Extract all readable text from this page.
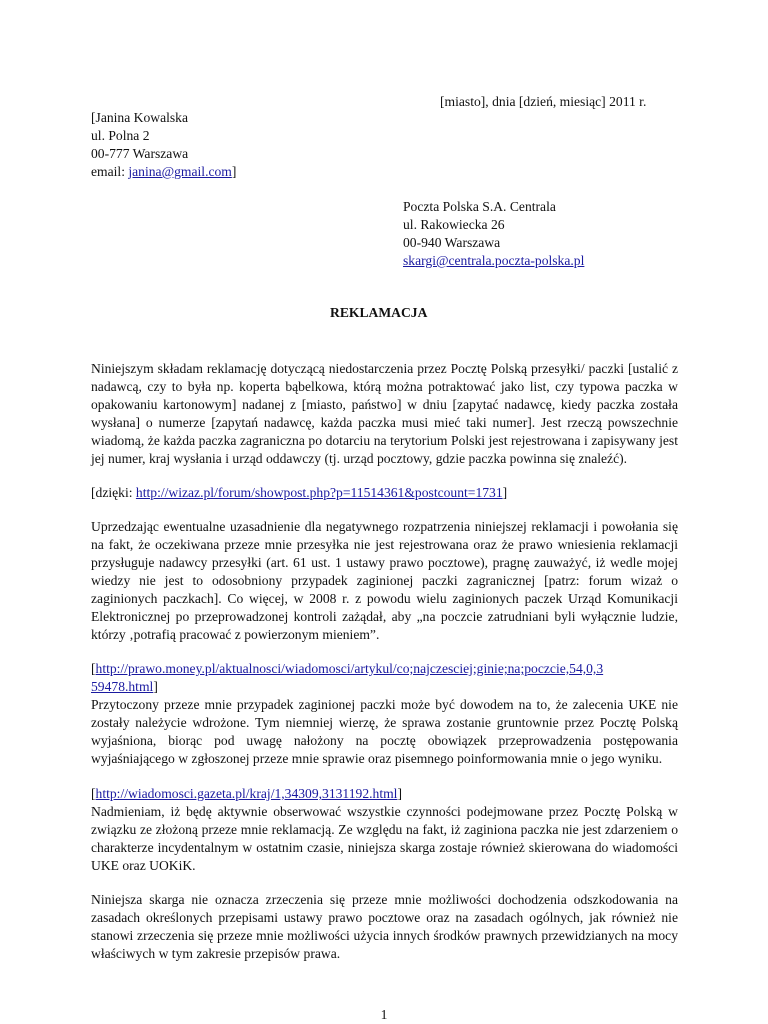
[miasto], dnia [dzień, miesiąc] 2011 r.
[Janina Kowalska
ul. Polna 2
00-777 Warszawa
email: janina@gmail.com]
Poczta Polska S.A. Centrala
ul. Rakowiecka 26
00-940 Warszawa
skargi@centrala.poczta-polska.pl
REKLAMACJA
Niniejszym składam reklamację dotyczącą niedostarczenia przez Pocztę Polską przesyłki/ paczki [ustalić z nadawcą, czy to była np. koperta bąbelkowa, którą można potraktować jako list, czy typowa paczka w opakowaniu kartonowym] nadanej z [miasto, państwo] w dniu [zapytać nadawcę, kiedy paczka została wysłana] o numerze [zapytań nadawcę, każda paczka musi mieć taki numer]. Jest rzeczą powszechnie wiadomą, że każda paczka zagraniczna po dotarciu na terytorium Polski jest rejestrowana i zapisywany jest jej numer, kraj wysłania i urząd oddawczy (tj. urząd pocztowy, gdzie paczka powinna się znaleźć).
[dzięki: http://wizaz.pl/forum/showpost.php?p=11514361&postcount=1731]
Uprzedzając ewentualne uzasadnienie dla negatywnego rozpatrzenia niniejszej reklamacji i powołania się na fakt, że oczekiwana przeze mnie przesyłka nie jest rejestrowana oraz że prawo wniesienia reklamacji przysługuje nadawcy przesyłki (art. 61 ust. 1 ustawy prawo pocztowe), pragnę zauważyć, iż wedle mojej wiedzy nie jest to odosobniony przypadek zaginionej paczki zagranicznej [patrz: forum wizaż o zaginionych paczkach]. Co więcej, w 2008 r. z powodu wielu zaginionych paczek Urząd Komunikacji Elektronicznej po przeprowadzonej kontroli zażądał, aby „na poczcie zatrudniani byli wyłącznie ludzie, którzy ‚potrafią pracować z powierzonym mieniem”.
[http://prawo.money.pl/aktualnosci/wiadomosci/artykul/co;najczesciej;ginie;na;poczcie,54,0,3
59478.html]
Przytoczony przeze mnie przypadek zaginionej paczki może być dowodem na to, że zalecenia UKE nie zostały należycie wdrożone. Tym niemniej wierzę, że sprawa zostanie gruntownie przez Pocztę Polską wyjaśniona, biorąc pod uwagę nałożony na pocztę obowiązek przeprowadzenia postępowania wyjaśniającego w zgłoszonej przeze mnie sprawie oraz pisemnego poinformowania mnie o jego wyniku.
[http://wiadomosci.gazeta.pl/kraj/1,34309,3131192.html]
Nadmieniam, iż będę aktywnie obserwować wszystkie czynności podejmowane przez Pocztę Polską w związku ze złożoną przeze mnie reklamacją. Ze względu na fakt, iż zaginiona paczka nie jest zdarzeniem o charakterze incydentalnym w ostatnim czasie, niniejsza skarga zostaje również skierowana do wiadomości UKE oraz UOKiK.
Niniejsza skarga nie oznacza zrzeczenia się przeze mnie możliwości dochodzenia odszkodowania na zasadach określonych przepisami ustawy prawo pocztowe oraz na zasadach ogólnych, jak również nie stanowi zrzeczenia się przeze mnie możliwości użycia innych środków prawnych przewidzianych na mocy właściwych w tym zakresie przepisów prawa.
1
